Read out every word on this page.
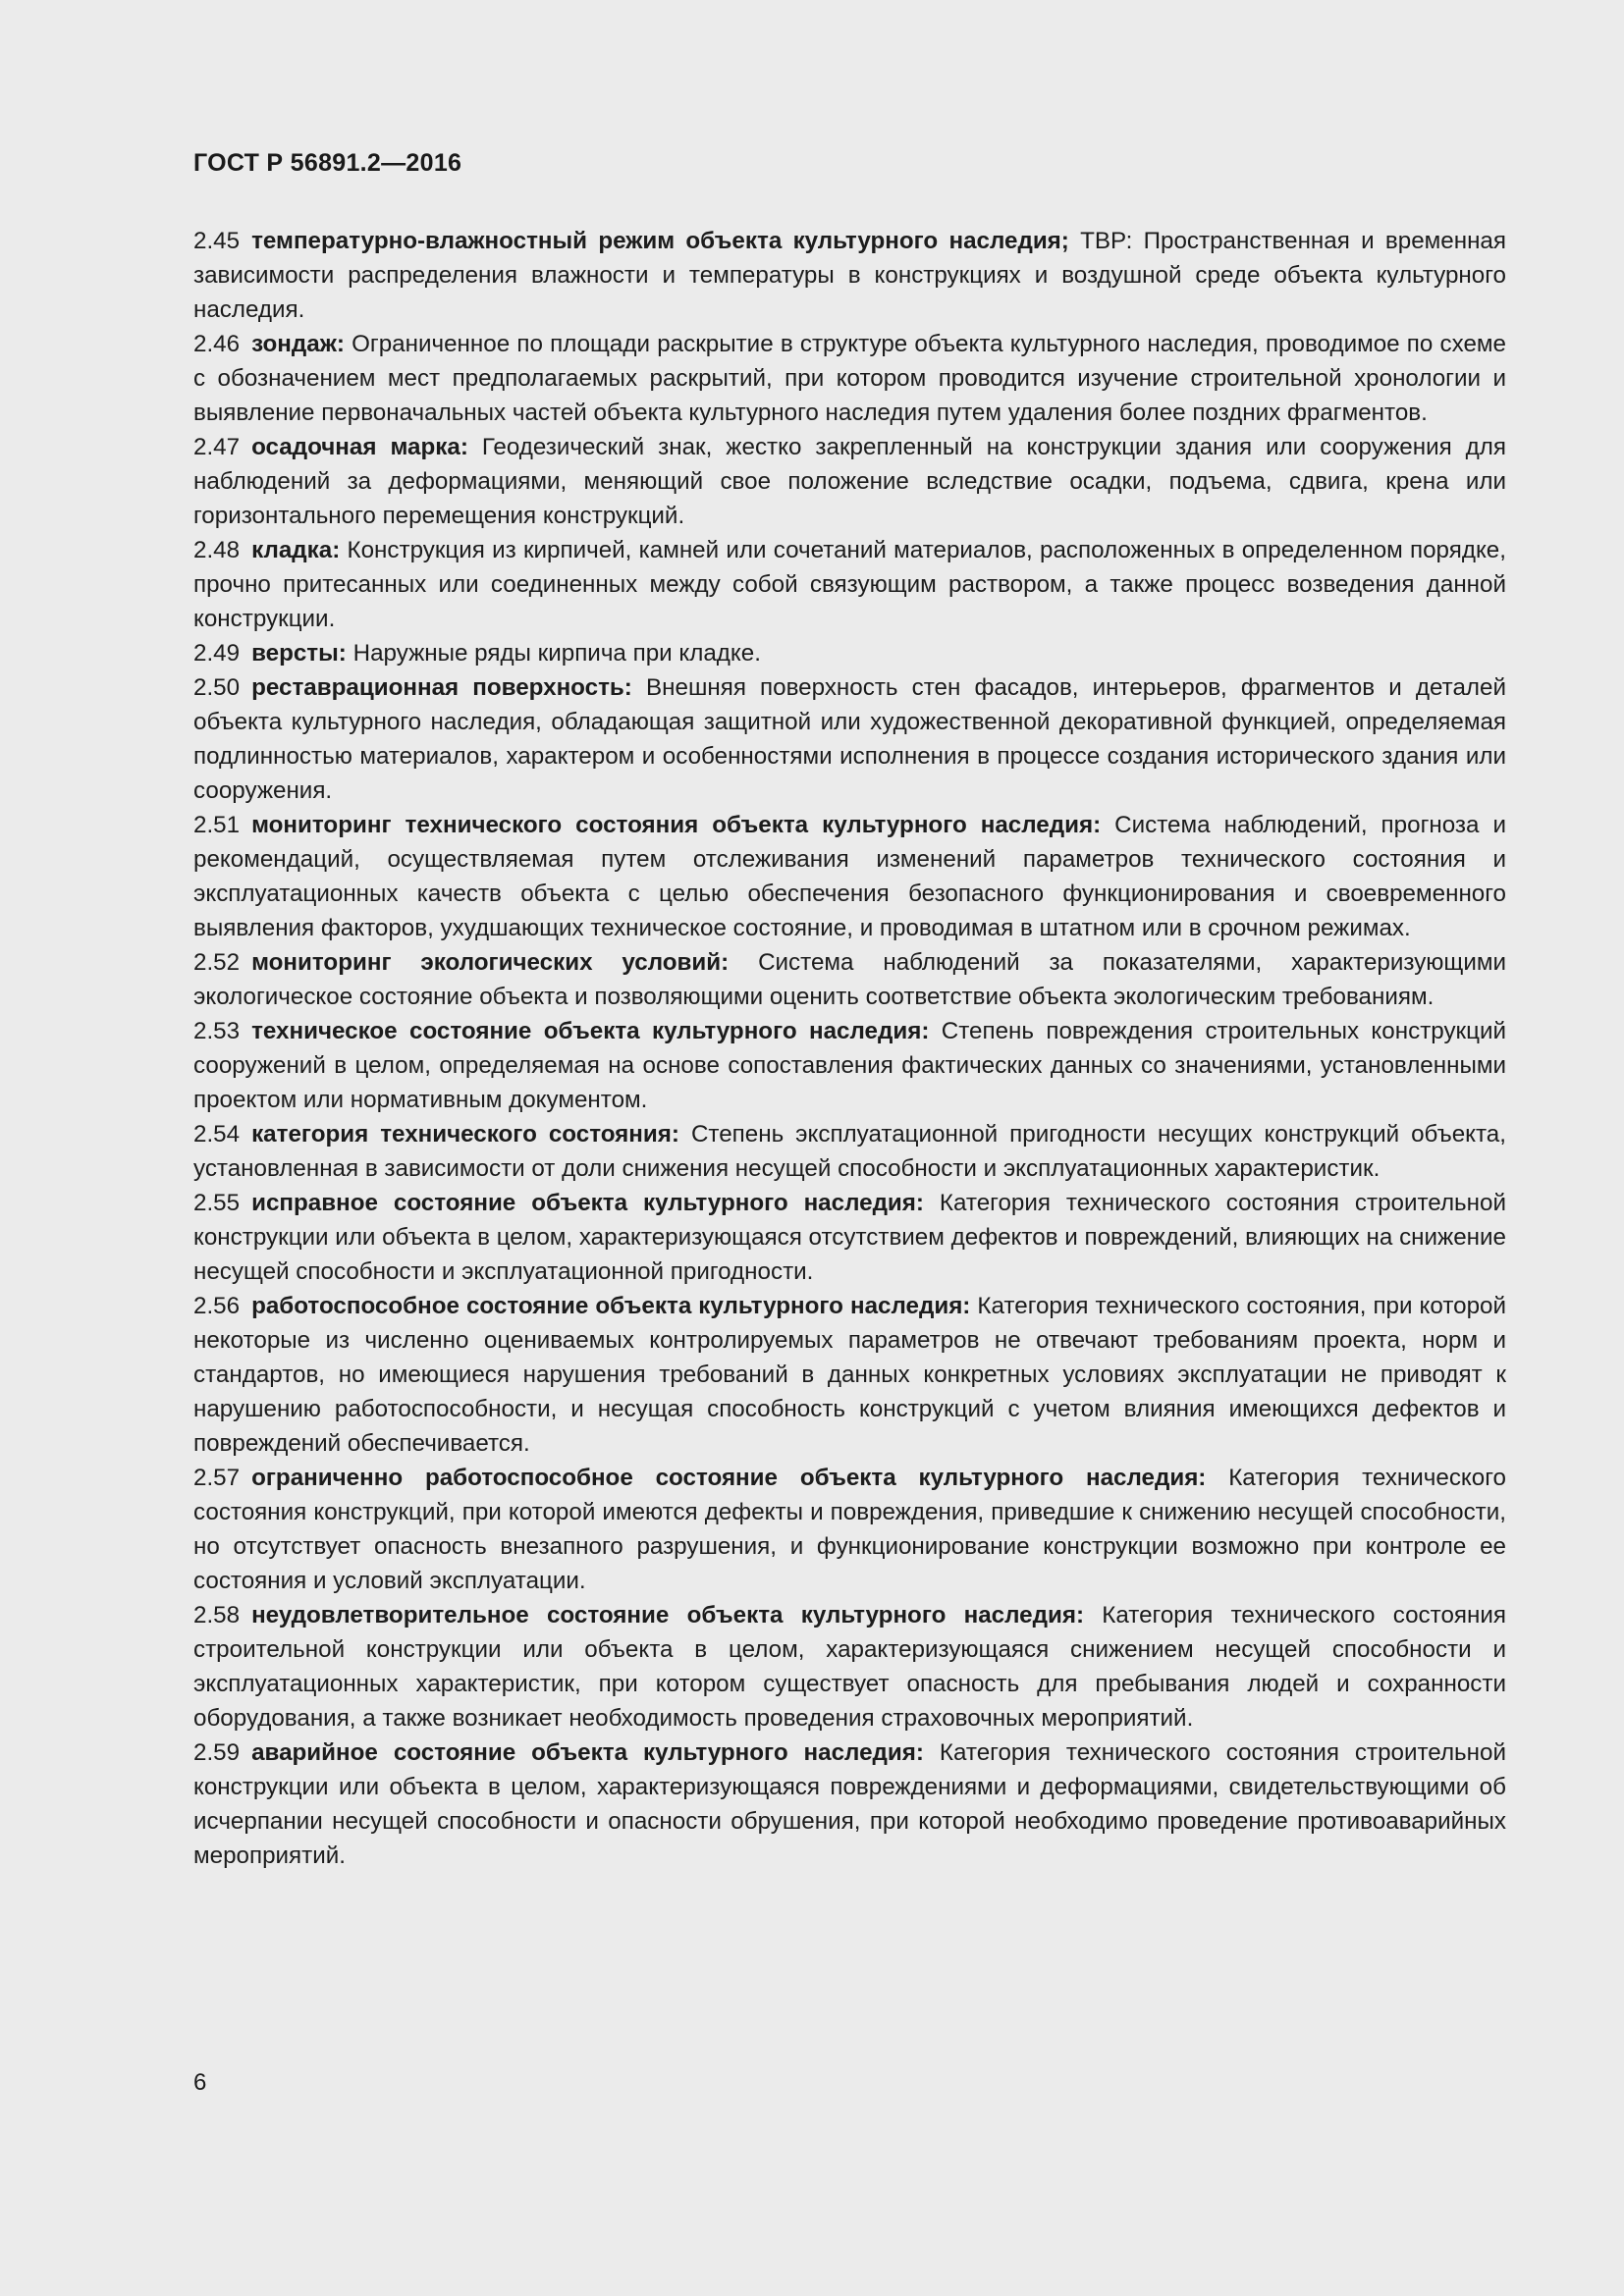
ГОСТ Р 56891.2—2016

2.45 температурно-влажностный режим объекта культурного наследия; ТВР: Пространственная и временная зависимости распределения влажности и температуры в конструкциях и воздушной среде объекта культурного наследия.

2.46 зондаж: Ограниченное по площади раскрытие в структуре объекта культурного наследия, проводимое по схеме с обозначением мест предполагаемых раскрытий, при котором проводится изучение строительной хронологии и выявление первоначальных частей объекта культурного наследия путем удаления более поздних фрагментов.

2.47 осадочная марка: Геодезический знак, жестко закрепленный на конструкции здания или сооружения для наблюдений за деформациями, меняющий свое положение вследствие осадки, подъема, сдвига, крена или горизонтального перемещения конструкций.

2.48 кладка: Конструкция из кирпичей, камней или сочетаний материалов, расположенных в определенном порядке, прочно притесанных или соединенных между собой связующим раствором, а также процесс возведения данной конструкции.

2.49 версты: Наружные ряды кирпича при кладке.

2.50 реставрационная поверхность: Внешняя поверхность стен фасадов, интерьеров, фрагментов и деталей объекта культурного наследия, обладающая защитной или художественной декоративной функцией, определяемая подлинностью материалов, характером и особенностями исполнения в процессе создания исторического здания или сооружения.

2.51 мониторинг технического состояния объекта культурного наследия: Система наблюдений, прогноза и рекомендаций, осуществляемая путем отслеживания изменений параметров технического состояния и эксплуатационных качеств объекта с целью обеспечения безопасного функционирования и своевременного выявления факторов, ухудшающих техническое состояние, и проводимая в штатном или в срочном режимах.

2.52 мониторинг экологических условий: Система наблюдений за показателями, характеризующими экологическое состояние объекта и позволяющими оценить соответствие объекта экологическим требованиям.

2.53 техническое состояние объекта культурного наследия: Степень повреждения строительных конструкций сооружений в целом, определяемая на основе сопоставления фактических данных со значениями, установленными проектом или нормативным документом.

2.54 категория технического состояния: Степень эксплуатационной пригодности несущих конструкций объекта, установленная в зависимости от доли снижения несущей способности и эксплуатационных характеристик.

2.55 исправное состояние объекта культурного наследия: Категория технического состояния строительной конструкции или объекта в целом, характеризующаяся отсутствием дефектов и повреждений, влияющих на снижение несущей способности и эксплуатационной пригодности.

2.56 работоспособное состояние объекта культурного наследия: Категория технического состояния, при которой некоторые из численно оцениваемых контролируемых параметров не отвечают требованиям проекта, норм и стандартов, но имеющиеся нарушения требований в данных конкретных условиях эксплуатации не приводят к нарушению работоспособности, и несущая способность конструкций с учетом влияния имеющихся дефектов и повреждений обеспечивается.

2.57 ограниченно работоспособное состояние объекта культурного наследия: Категория технического состояния конструкций, при которой имеются дефекты и повреждения, приведшие к снижению несущей способности, но отсутствует опасность внезапного разрушения, и функционирование конструкции возможно при контроле ее состояния и условий эксплуатации.

2.58 неудовлетворительное состояние объекта культурного наследия: Категория технического состояния строительной конструкции или объекта в целом, характеризующаяся снижением несущей способности и эксплуатационных характеристик, при котором существует опасность для пребывания людей и сохранности оборудования, а также возникает необходимость проведения страховочных мероприятий.

2.59 аварийное состояние объекта культурного наследия: Категория технического состояния строительной конструкции или объекта в целом, характеризующаяся повреждениями и деформациями, свидетельствующими об исчерпании несущей способности и опасности обрушения, при которой необходимо проведение противоаварийных мероприятий.

6
